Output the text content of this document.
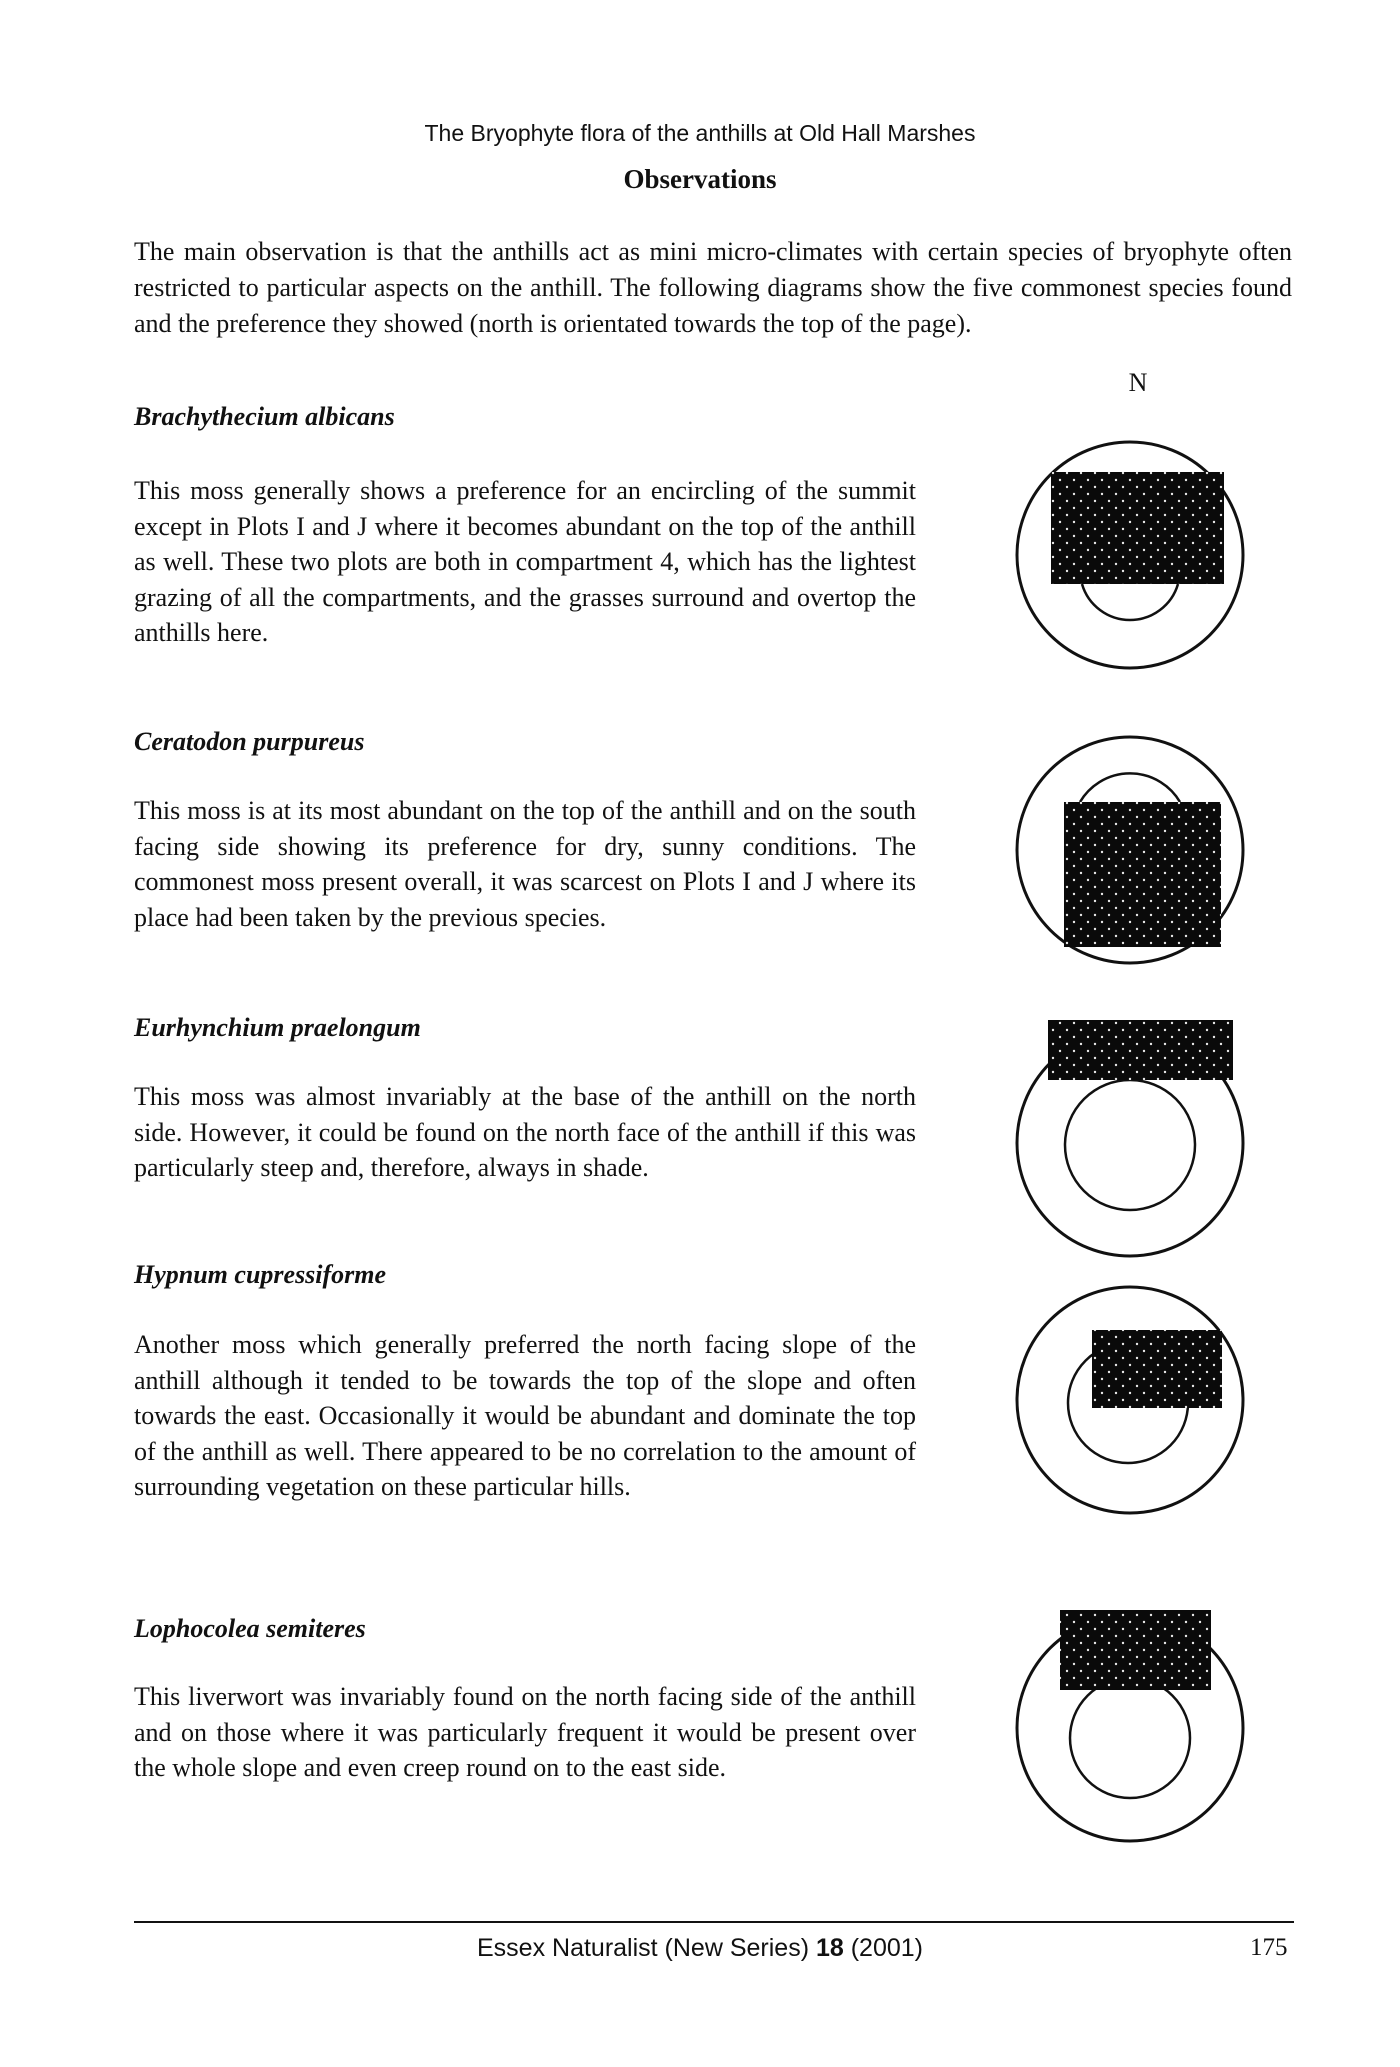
The Bryophyte flora of the anthills at Old Hall Marshes
Observations

The main observation is that the anthills act as mini micro-climates with certain species of bryophyte often restricted to particular aspects on the anthill. The following diagrams show the five commonest species found and the preference they showed (north is orientated towards the top of the page).

N

Brachythecium albicans

This moss generally shows a preference for an encircling of the summit except in Plots I and J where it becomes abundant on the top of the anthill as well. These two plots are both in compartment 4, which has the lightest grazing of all the compartments, and the grasses surround and overtop the anthills here.

Ceratodon purpureus

This moss is at its most abundant on the top of the anthill and on the south facing side showing its preference for dry, sunny conditions. The commonest moss present overall, it was scarcest on Plots I and J where its place had been taken by the previous species.

Eurhynchium praelongum

This moss was almost invariably at the base of the anthill on the north side. However, it could be found on the north face of the anthill if this was particularly steep and, therefore, always in shade.

Hypnum cupressiforme

Another moss which generally preferred the north facing slope of the anthill although it tended to be towards the top of the slope and often towards the east. Occasionally it would be abundant and dominate the top of the anthill as well. There appeared to be no correlation to the amount of surrounding vegetation on these particular hills.

Lophocolea semiteres

This liverwort was invariably found on the north facing side of the anthill and on those where it was particularly frequent it would be present over the whole slope and even creep round on to the east side.

Essex Naturalist (New Series) 18 (2001)	175
